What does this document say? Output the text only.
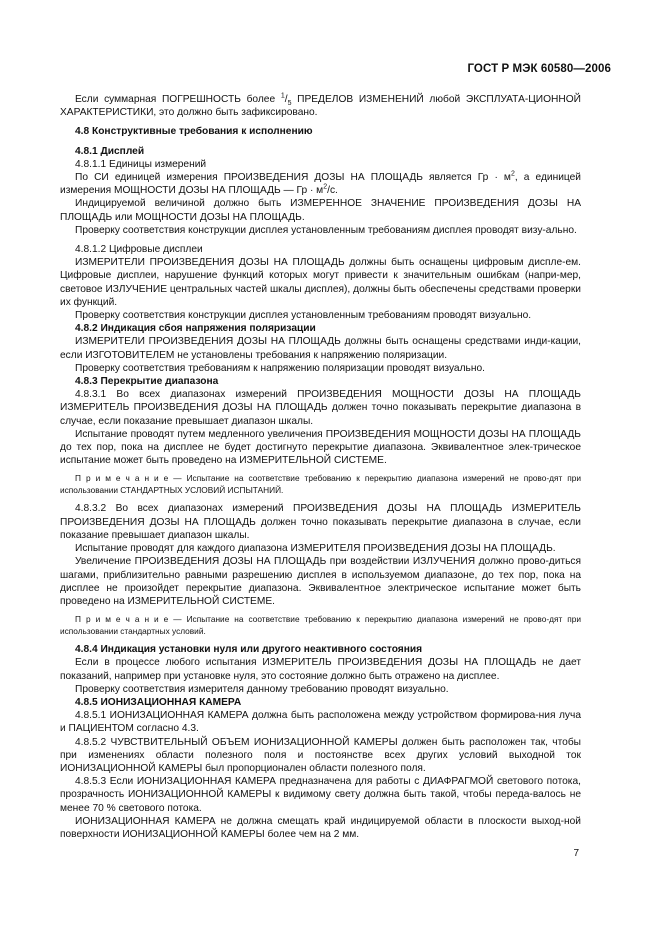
ГОСТ Р МЭК 60580—2006

Если суммарная ПОГРЕШНОСТЬ более $^1/_5$ ПРЕДЕЛОВ ИЗМЕНЕНИЙ любой ЭКСПЛУАТА-ЦИОННОЙ ХАРАКТЕРИСТИКИ, это должно быть зафиксировано.

4.8 Конструктивные требования к исполнению

4.8.1 Дисплей

4.8.1.1 Единицы измерений

По СИ единицей измерения ПРОИЗВЕДЕНИЯ ДОЗЫ НА ПЛОЩАДЬ является Гр · $м^2$, а единицей измерения МОЩНОСТИ ДОЗЫ НА ПЛОЩАДЬ — Гр · $м^2/с$.

Индицируемой величиной должно быть ИЗМЕРЕННОЕ ЗНАЧЕНИЕ ПРОИЗВЕДЕНИЯ ДОЗЫ НА ПЛОЩАДЬ или МОЩНОСТИ ДОЗЫ НА ПЛОЩАДЬ.

Проверку соответствия конструкции дисплея установленным требованиям дисплея проводят визу-ально.

4.8.1.2 Цифровые дисплеи

ИЗМЕРИТЕЛИ ПРОИЗВЕДЕНИЯ ДОЗЫ НА ПЛОЩАДЬ должны быть оснащены цифровым диспле-ем. Цифровые дисплеи, нарушение функций которых могут привести к значительным ошибкам (напри-мер, световое ИЗЛУЧЕНИЕ центральных частей шкалы дисплея), должны быть обеспечены средствами проверки их функций.

Проверку соответствия конструкции дисплея установленным требованиям проводят визуально.

4.8.2 Индикация сбоя напряжения поляризации

ИЗМЕРИТЕЛИ ПРОИЗВЕДЕНИЯ ДОЗЫ НА ПЛОЩАДЬ должны быть оснащены средствами инди-кации, если ИЗГОТОВИТЕЛЕМ не установлены требования к напряжению поляризации.

Проверку соответствия требованиям к напряжению поляризации проводят визуально.

4.8.3 Перекрытие диапазона

4.8.3.1 Во всех диапазонах измерений ПРОИЗВЕДЕНИЯ МОЩНОСТИ ДОЗЫ НА ПЛОЩАДЬ ИЗМЕРИТЕЛЬ ПРОИЗВЕДЕНИЯ ДОЗЫ НА ПЛОЩАДЬ должен точно показывать перекрытие диапазона в случае, если показание превышает диапазон шкалы.

Испытание проводят путем медленного увеличения ПРОИЗВЕДЕНИЯ МОЩНОСТИ ДОЗЫ НА ПЛОЩАДЬ до тех пор, пока на дисплее не будет достигнуто перекрытие диапазона. Эквивалентное элек-трическое испытание может быть проведено на ИЗМЕРИТЕЛЬНОЙ СИСТЕМЕ.

П р и м е ч а н и е — Испытание на соответствие требованию к перекрытию диапазона измерений не прово-дят при использовании СТАНДАРТНЫХ УСЛОВИЙ ИСПЫТАНИЙ.

4.8.3.2 Во всех диапазонах измерений ПРОИЗВЕДЕНИЯ ДОЗЫ НА ПЛОЩАДЬ ИЗМЕРИТЕЛЬ ПРОИЗВЕДЕНИЯ ДОЗЫ НА ПЛОЩАДЬ должен точно показывать перекрытие диапазона в случае, если показание превышает диапазон шкалы.

Испытание проводят для каждого диапазона ИЗМЕРИТЕЛЯ ПРОИЗВЕДЕНИЯ ДОЗЫ НА ПЛОЩАДЬ.

Увеличение ПРОИЗВЕДЕНИЯ ДОЗЫ НА ПЛОЩАДЬ при воздействии ИЗЛУЧЕНИЯ должно прово-диться шагами, приблизительно равными разрешению дисплея в используемом диапазоне, до тех пор, пока на дисплее не произойдет перекрытие диапазона. Эквивалентное электрическое испытание может быть проведено на ИЗМЕРИТЕЛЬНОЙ СИСТЕМЕ.

П р и м е ч а н и е — Испытание на соответствие требованию к перекрытию диапазона измерений не прово-дят при использовании стандартных условий.

4.8.4 Индикация установки нуля или другого неактивного состояния

Если в процессе любого испытания ИЗМЕРИТЕЛЬ ПРОИЗВЕДЕНИЯ ДОЗЫ НА ПЛОЩАДЬ не дает показаний, например при установке нуля, это состояние должно быть отражено на дисплее.

Проверку соответствия измерителя данному требованию проводят визуально.

4.8.5 ИОНИЗАЦИОННАЯ КАМЕРА

4.8.5.1 ИОНИЗАЦИОННАЯ КАМЕРА должна быть расположена между устройством формирова-ния луча и ПАЦИЕНТОМ согласно 4.3.

4.8.5.2 ЧУВСТВИТЕЛЬНЫЙ ОБЪЕМ ИОНИЗАЦИОННОЙ КАМЕРЫ должен быть расположен так, чтобы при изменениях области полезного поля и постоянстве всех других условий выходной ток ИОНИЗАЦИОННОЙ КАМЕРЫ был пропорционален области полезного поля.

4.8.5.3 Если ИОНИЗАЦИОННАЯ КАМЕРА предназначена для работы с ДИАФРАГМОЙ светового потока, прозрачность ИОНИЗАЦИОННОЙ КАМЕРЫ к видимому свету должна быть такой, чтобы переда-валось не менее 70 % светового потока.

ИОНИЗАЦИОННАЯ КАМЕРА не должна смещать край индицируемой области в плоскости выход-ной поверхности ИОНИЗАЦИОННОЙ КАМЕРЫ более чем на 2 мм.

7
